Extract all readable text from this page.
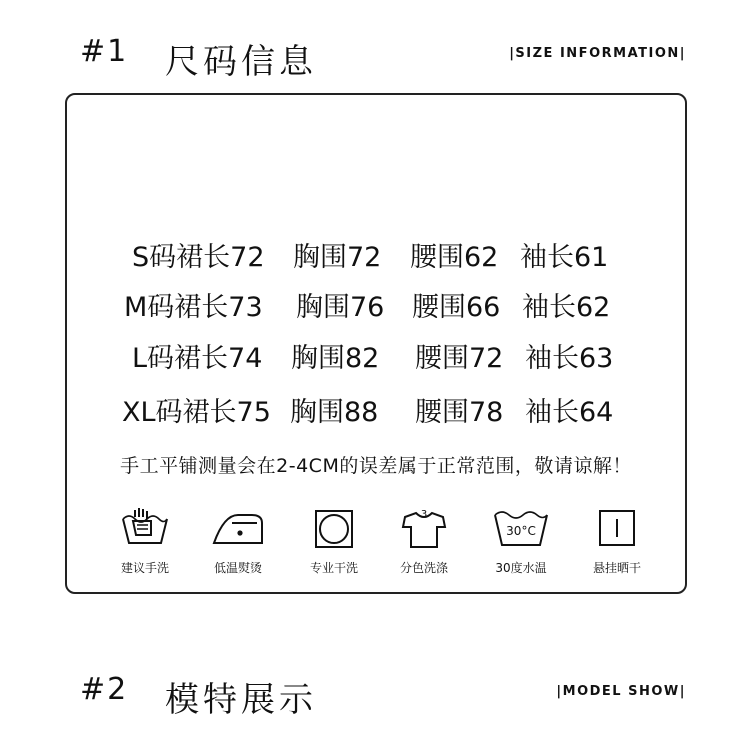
#1 尺码信息	|SIZE INFORMATION|
S码裙长72 胸围72 腰围62 袖长61
M码裙长73 胸围76 腰围66 袖长62
L码裙长74 胸围82 腰围72 袖长63
XL码裙长75 胸围88 腰围78 袖长64
手工平铺测量会在2-4CM的误差属于正常范围，敬请谅解！
建议手洗	低温熨烫	专业干洗
3
分色洗涤
30°C
30度水温	悬挂晒干
#2 模特展示	|MODEL SHOW|
